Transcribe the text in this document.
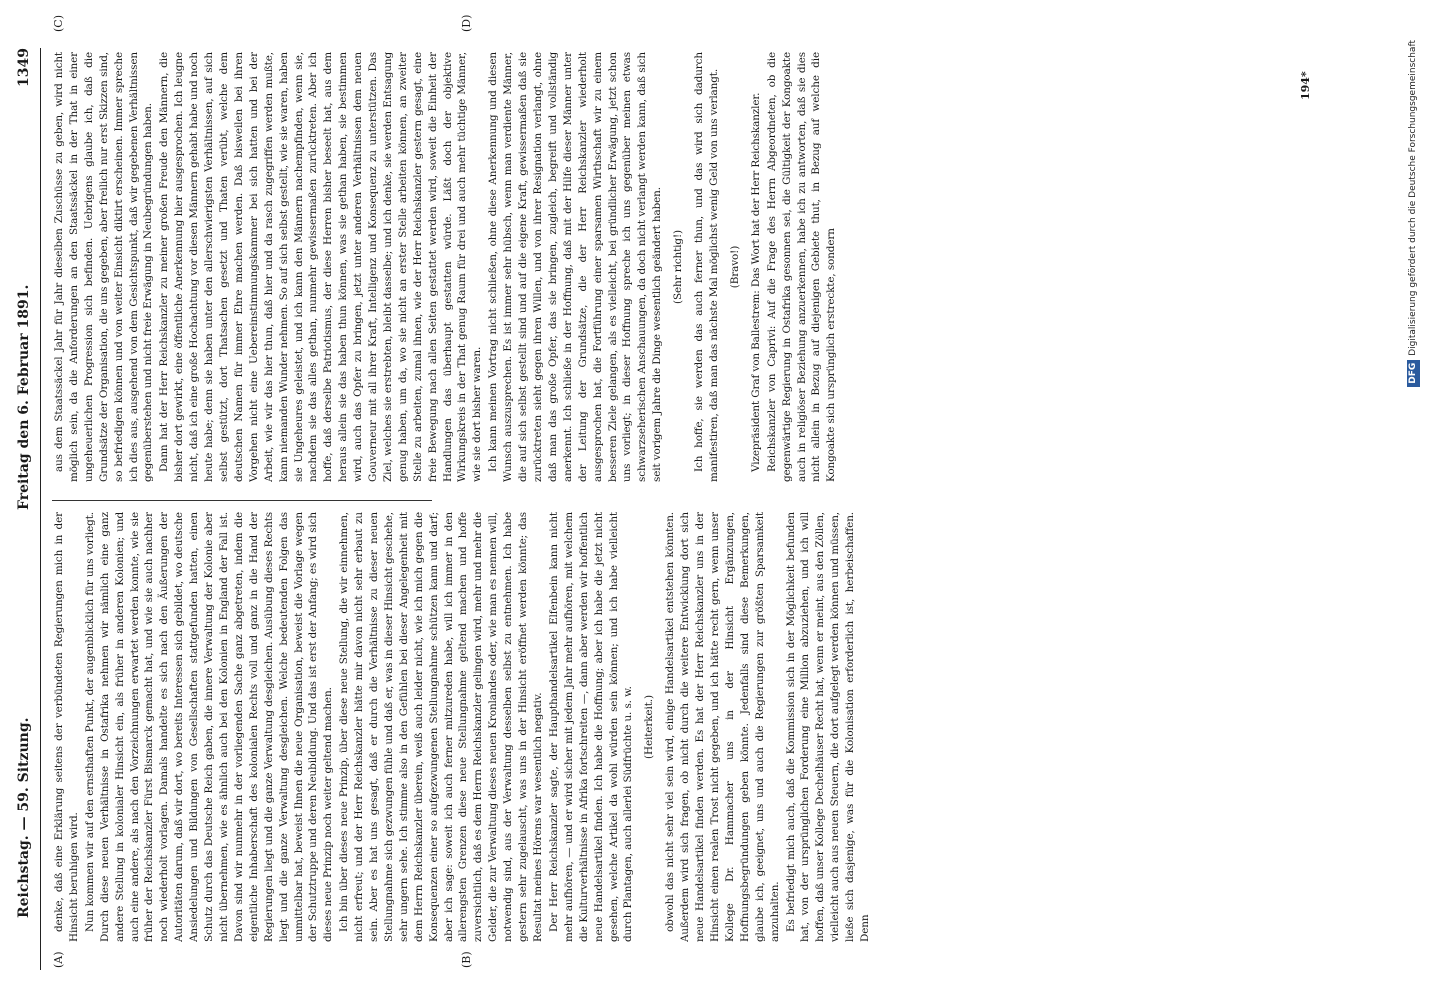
Reichstag. — 59. Sitzung.
Freitag den 6. Februar 1891.
1349
(A)	(B)
(C)	(D)

denke, daß eine Erklärung seitens der verbündeten Regierungen mich in der Hinsicht beruhigen wird. Nun kommen wir auf den ernsthaften Punkt, der augenblicklich für uns vorliegt. Durch diese neuen Verhältnisse in Ostafrika nehmen wir nämlich eine ganz andere Stellung in kolonialer Hinsicht ein, als früher in anderen Kolonien; und auch eine andere, als nach den Vorzeichnungen erwartet werden konnte, wie sie früher der Reichskanzler Fürst Bismarck gemacht hat, und wie sie auch nachher noch wiederholt vorlagen. Damals handelte es sich nach den Äußerungen der Autoritäten darum, daß wir dort, wo bereits Interessen sich gebildet, wo deutsche Ansiedelungen und Bildungen von Gesellschaften stattgefunden hatten, einen Schutz durch das Deutsche Reich gaben, die innere Verwaltung der Kolonie aber nicht übernehmen, wie es ähnlich auch bei den Kolonien in England der Fall ist. Davon sind wir nunmehr in der vorliegenden Sache ganz abgetreten, indem die eigentliche Inhaberschaft des kolonialen Rechts voll und ganz in die Hand der Regierungen liegt und die ganze Verwaltung desgleichen. Ausübung dieses Rechts liegt und die ganze Verwaltung desgleichen. Welche bedeutenden Folgen das unmittelbar hat, beweist Ihnen die neue Organisation, beweist die Vorlage wegen der Schutztruppe und deren Neubildung. Und das ist erst der Anfang; es wird sich dieses neue Prinzip noch weiter geltend machen. Ich bin über dieses neue Prinzip, über diese neue Stellung, die wir einnehmen, nicht erfreut; und der Herr Reichskanzler hätte mir davon nicht sehr erbaut zu sein. Aber es hat uns gesagt, daß er durch die Verhältnisse zu dieser neuen Stellungnahme sich gezwungen fühle und daß er, was in dieser Hinsicht geschehe, sehr ungern sehe. Ich stimme also in den Gefühlen bei dieser Angelegenheit mit dem Herrn Reichskanzler überein, weiß auch leider nicht, wie ich mich gegen die Konsequenzen einer so aufgezwungenen Stellungnahme schützen kann und darf; aber ich sage: soweit ich auch ferner mitzureden habe, will ich immer in den allerengsten Grenzen diese neue Stellungnahme geltend machen und hoffe zuversichtlich, daß es dem Herrn Reichskanzler gelingen wird, mehr und mehr die Gelder, die zur Verwaltung dieses neuen Kronlandes oder, wie man es nennen will, notwendig sind, aus der Verwaltung desselben selbst zu entnehmen. Ich habe gestern sehr zugelauscht, was uns in der Hinsicht eröffnet werden könnte; das Resultat meines Hörens war wesentlich negativ. Der Herr Reichskanzler sagte, der Haupthandelsartikel Elfenbein kann nicht mehr aufhören, — und er wird sicher mit jedem Jahr mehr aufhören, mit welchem die Kulturverhältnisse in Afrika fortschreiten —, dann aber werden wir hoffentlich neue Handelsartikel finden. Ich habe die Hoffnung; aber ich habe die jetzt nicht gesehen, welche Artikel da wohl würden sein können; und ich habe vielleicht durch Plantagen, auch allerlei Südfrüchte u. s. w. (Heiterkeit.) obwohl das nicht sehr viel sein wird, einige Handelsartikel entstehen könnten. Außerdem wird sich fragen, ob nicht durch die weitere Entwicklung dort sich neue Handelsartikel finden werden. Es hat der Herr Reichskanzler uns in der Hinsicht einen realen Trost nicht gegeben, und ich hätte recht gern, wenn unser Kollege Dr. Hammacher uns in der Hinsicht Ergänzungen, Hoffnungsbegründungen geben könnte. Jedenfalls sind diese Bemerkungen, glaube ich, geeignet, uns und auch die Regierungen zur größten Sparsamkeit anzuhalten. Es befriedigt mich auch, daß die Kommission sich in der Möglichkeit befunden hat, von der ursprünglichen Forderung eine Million abzuziehen, und ich will hoffen, daß unser Kollege Dechelhäuser Recht hat, wenn er meint, aus den Zöllen, vielleicht auch aus neuen Steuern, die dort aufgelegt werden können und müssen, ließe sich dasjenige, was für die Kolonisation erforderlich ist, herbeischaffen. Denn

aus dem Staatssäckel Jahr für Jahr dieselben Zuschüsse zu geben, wird nicht möglich sein, da die Anforderungen an den Staatssäckel in der That in einer ungeheuerlichen Progression sich befinden. Uebrigens glaube ich, daß die Grundsätze der Organisation, die uns gegeben, aber freilich nur erst Skizzen sind, so befriedigen können und von weiter Einsicht diktirt erscheinen. Immer spreche ich dies aus, ausgehend von dem Gesichtspunkt, daß wir gegebenen Verhältnissen gegenüberstehen und nicht freie Erwägung in Neubegründungen haben. Dann hat der Herr Reichskanzler zu meiner großen Freude den Männern, die bisher dort gewirkt, eine öffentliche Anerkennung hier ausgesprochen. Ich leugne nicht, daß ich eine große Hochachtung vor diesen Männern gehabt habe und noch heute habe; denn sie haben unter den allerschwierigsten Verhältnissen, auf sich selbst gestützt, dort Thatsachen gesetzt und Thaten verübt, welche dem deutschen Namen für immer Ehre machen werden. Daß bisweilen bei ihren Vorgehen nicht eine Uebereinstimmungskammer bei sich hatten und bei der Arbeit, wie wir das hier thun, daß hier und da rasch zugegriffen werden mußte, kann niemanden Wunder nehmen. So auf sich selbst gestellt, wie sie waren, haben sie Ungeheures geleistet, und ich kann den Männern nachempfinden, wenn sie, nachdem sie das alles gethan, nunmehr gewissermaßen zurücktreten. Aber ich hoffe, daß derselbe Patriotismus, der diese Herren bisher beseelt hat, aus dem heraus allein sie das haben thun können, was sie gethan haben, sie bestimmen wird, auch das Opfer zu bringen, jetzt unter anderen Verhältnissen dem neuen Gouverneur mit all ihrer Kraft, Intelligenz und Konsequenz zu unterstützen. Das Ziel, welches sie erstrebten, bleibt dasselbe; und ich denke, sie werden Entsagung genug haben, um da, wo sie nicht an erster Stelle arbeiten können, an zweiter Stelle zu arbeiten, zumal ihnen, wie der Herr Reichskanzler gestern gesagt, eine freie Bewegung nach allen Seiten gestattet werden wird, soweit die Einheit der Handlungen das überhaupt gestatten würde. Läßt doch der objektive Wirkungskreis in der That genug Raum für drei und auch mehr tüchtige Männer, wie sie dort bisher waren. Ich kann meinen Vortrag nicht schließen, ohne diese Anerkennung und diesen Wunsch auszusprechen. Es ist immer sehr hübsch, wenn man verdiente Männer, die auf sich selbst gestellt sind und auf die eigene Kraft, gewissermaßen daß sie zurücktreten sieht gegen ihren Willen, und von ihrer Resignation verlangt, ohne daß man das große Opfer, das sie bringen, zugleich, begreift und vollständig anerkennt. Ich schließe in der Hoffnung, daß mit der Hilfe dieser Männer unter der Leitung der Grundsätze, die der Herr Reichskanzler wiederholt ausgesprochen hat, die Fortführung einer sparsamen Wirthschaft wir zu einem besseren Ziele gelangen, als es vielleicht, bei gründlicher Erwägung, jetzt schon uns vorliegt; in dieser Hoffnung spreche ich uns gegenüber meinen etwas schwarzseherischen Anschauungen, da doch nicht verlangt werden kann, daß sich seit vorigem Jahre die Dinge wesentlich geändert haben. (Sehr richtig!) Ich hoffe, sie werden das auch ferner thun, und das wird sich dadurch manifestiren, daß man das nächste Mal möglichst wenig Geld von uns verlangt. (Bravo!) Vizepräsident Graf von Ballestrem: Das Wort hat der Herr Reichskanzler. Reichskanzler von Caprivi: Auf die Frage des Herrn Abgeordneten, ob die gegenwärtige Regierung in Ostafrika gesonnen sei, die Gültigkeit der Kongoakte auch in religiöser Beziehung anzuerkennen, habe ich zu antworten, daß sie dies nicht allein in Bezug auf diejenigen Gebiete thut, in Bezug auf welche die Kongoakte sich ursprünglich erstreckte, sondern

194*
DFGDigitalisierung gefördert durch die Deutsche Forschungsgemeinschaft
